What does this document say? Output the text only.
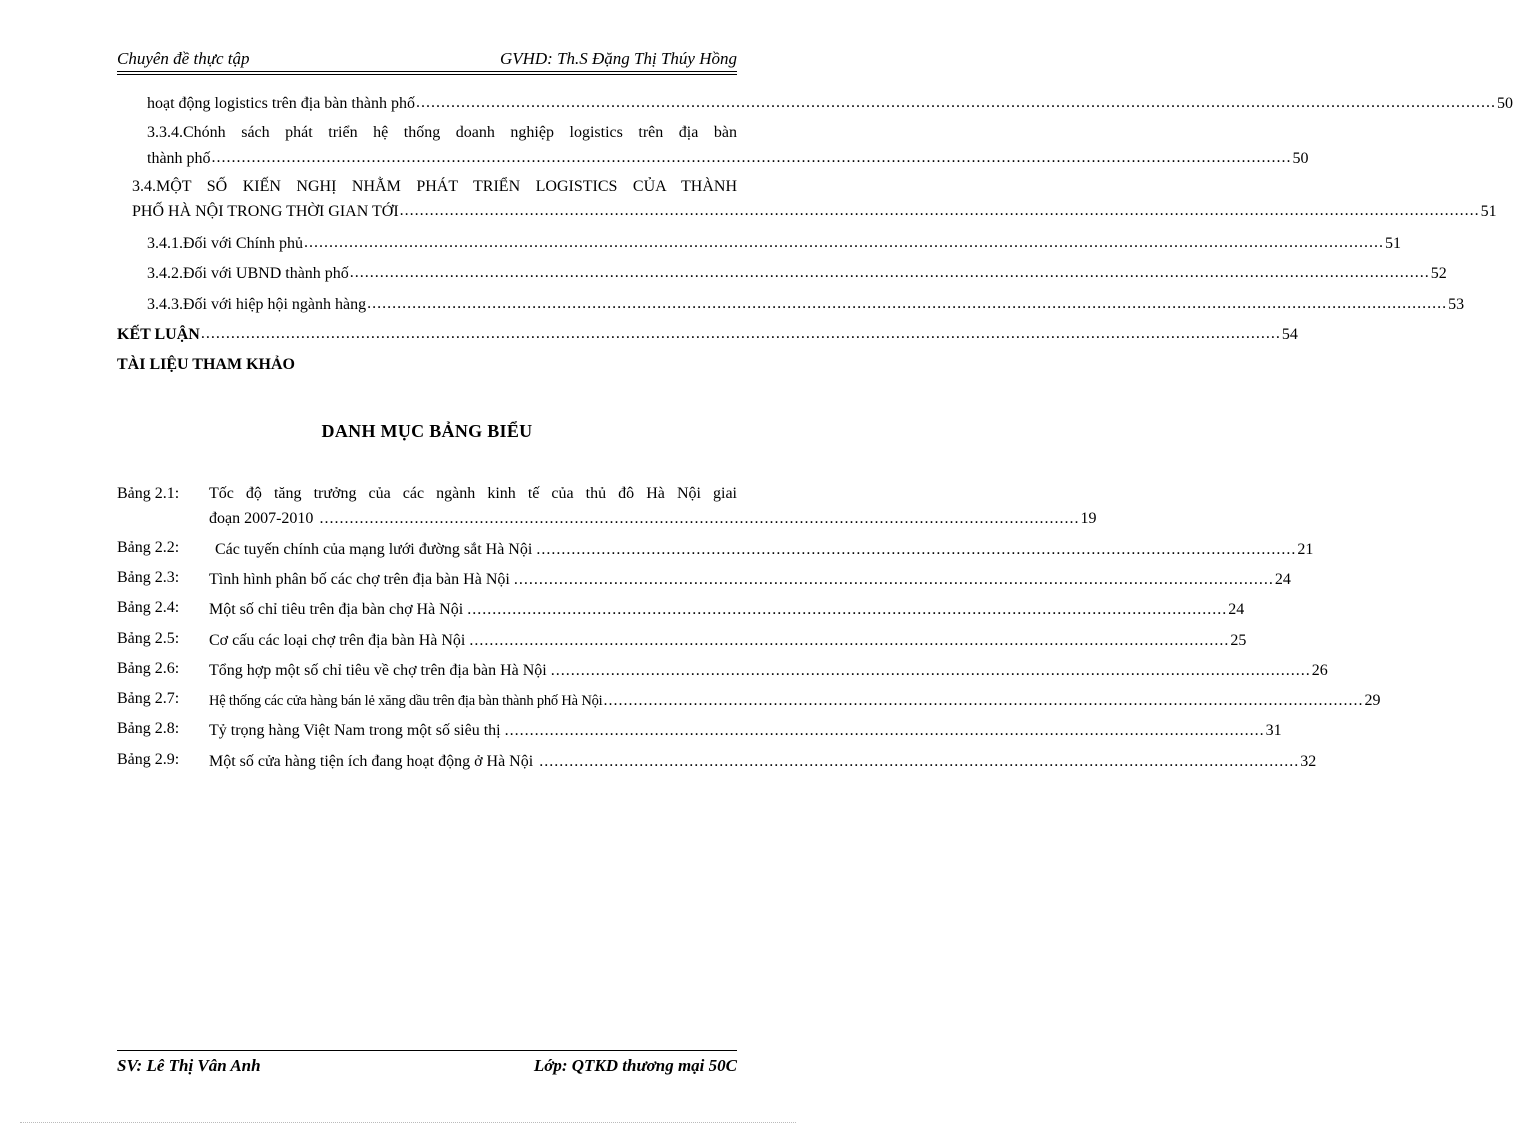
Chuyên đề thực tập	GVHD: Th.S Đặng Thị Thúy Hồng
hoạt động logistics trên địa bàn thành phố .....	50
3.3.4.Chónh sách phát triển hệ thống doanh nghiệp logistics trên địa bàn
thành phố .....	50
3.4.MỘT SỐ KIẾN NGHỊ NHẰM PHÁT TRIỂN LOGISTICS CỦA THÀNH
PHỐ HÀ NỘI TRONG THỜI GIAN TỚI .....	51
3.4.1.Đối với Chính phủ .....	51
3.4.2.Đối với UBND thành phố .....	52
3.4.3.Đối với hiệp hội ngành hàng .....	53
KẾT LUẬN .....	54
TÀI LIỆU THAM KHẢO
DANH MỤC BẢNG BIỂU
Bảng 2.1: Tốc độ tăng trưởng của các ngành kinh tế của thủ đô Hà Nội giai
đoạn 2007-2010 ........................................................................................................................................................ 19
Bảng 2.2: Các tuyến chính của mạng lưới đường sắt Hà Nội ........................................................................................................................................................ 21
Bảng 2.3: Tình hình phân bố các chợ trên địa bàn Hà Nội ........................................................................................................................................................ 24
Bảng 2.4: Một số chỉ tiêu trên địa bàn chợ Hà Nội ........................................................................................................................................................ 24
Bảng 2.5: Cơ cấu các loại chợ trên địa bàn Hà Nội ........................................................................................................................................................ 25
Bảng 2.6: Tổng hợp một số chỉ tiêu về chợ trên địa bàn Hà Nội ........................................................................................................................................................ 26
Bảng 2.7: Hệ thống các cửa hàng bán lẻ xăng dầu trên địa bàn thành phố Hà Nội ........................................................................................................................................................ 29
Bảng 2.8: Tỷ trọng hàng Việt Nam trong một số siêu thị ........................................................................................................................................................ 31
Bảng 2.9: Một số cửa hàng tiện ích đang hoạt động ở Hà Nội ........................................................................................................................................................ 32
SV: Lê Thị Vân Anh	Lớp: QTKD thương mại 50C
